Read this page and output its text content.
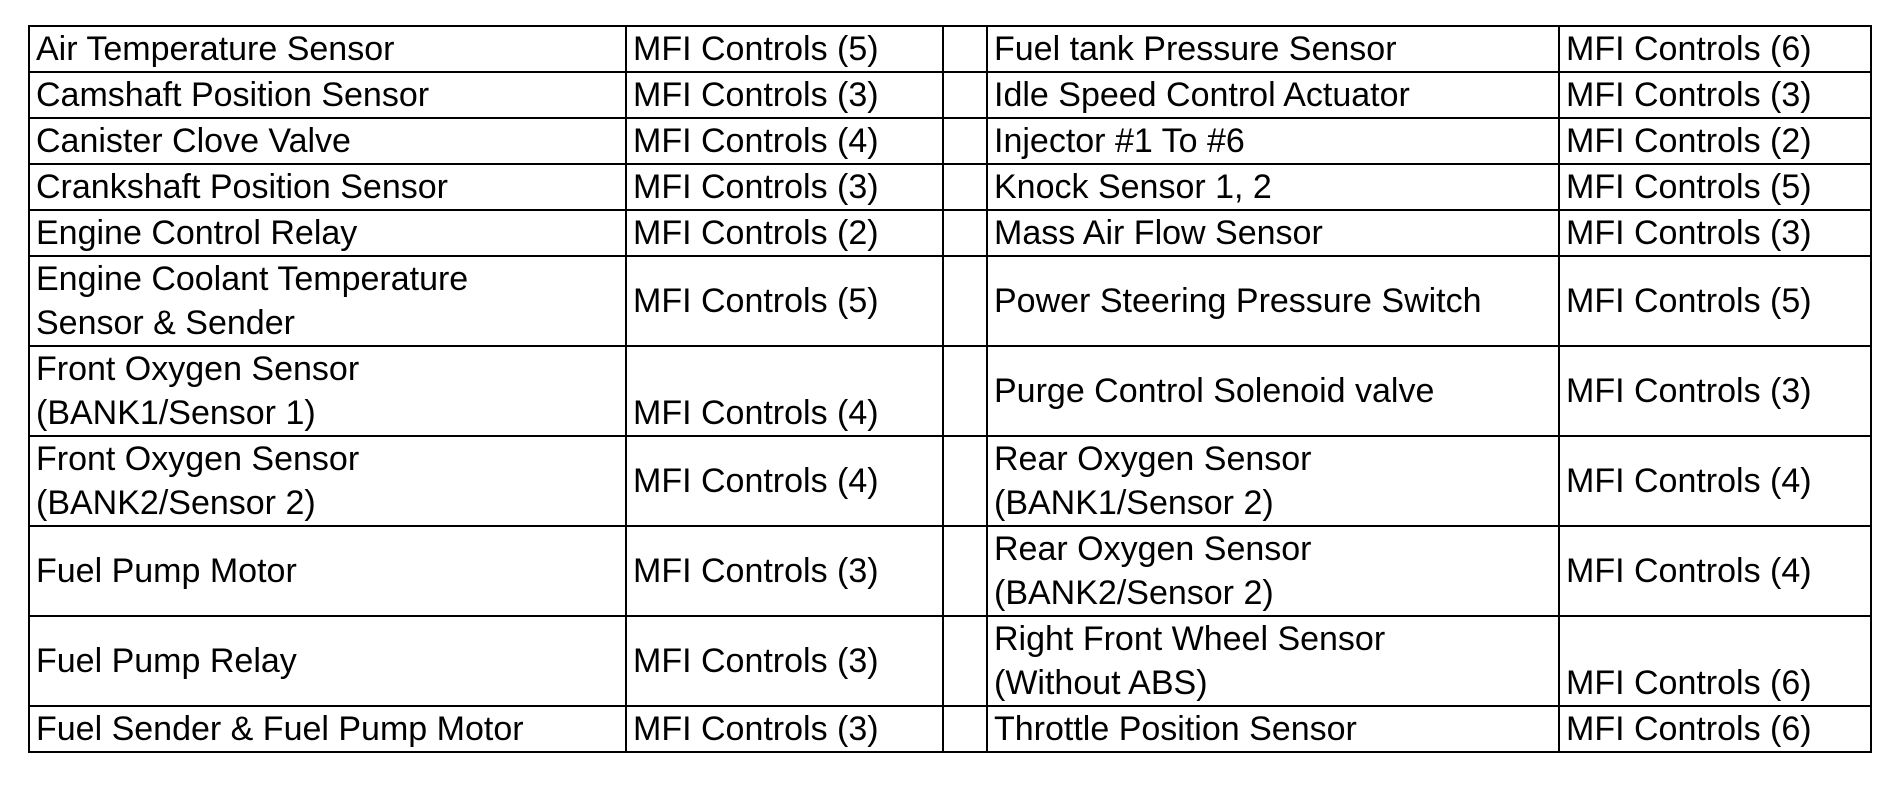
Air Temperature Sensor	MFI Controls (5)		Fuel tank Pressure Sensor	MFI Controls (6)

Camshaft Position Sensor	MFI Controls (3)		Idle Speed Control Actuator	MFI Controls (3)

Canister Clove Valve	MFI Controls (4)		Injector #1 To #6	MFI Controls (2)

Crankshaft Position Sensor	MFI Controls (3)		Knock Sensor 1, 2	MFI Controls (5)

Engine Control Relay	MFI Controls (2)		Mass Air Flow Sensor	MFI Controls (3)

Engine Coolant Temperature
Sensor & Sender	MFI Controls (5)		Power Steering Pressure Switch	MFI Controls (5)

Front Oxygen Sensor
(BANK1/Sensor 1)	MFI Controls (4)		Purge Control Solenoid valve	MFI Controls (3)

Front Oxygen Sensor
(BANK2/Sensor 2)	MFI Controls (4)		Rear Oxygen Sensor
(BANK1/Sensor 2)	MFI Controls (4)

Fuel Pump Motor	MFI Controls (3)		Rear Oxygen Sensor
(BANK2/Sensor 2)	MFI Controls (4)

Fuel Pump Relay	MFI Controls (3)		Right Front Wheel Sensor
(Without ABS)	MFI Controls (6)

Fuel Sender & Fuel Pump Motor	MFI Controls (3)		Throttle Position Sensor	MFI Controls (6)
